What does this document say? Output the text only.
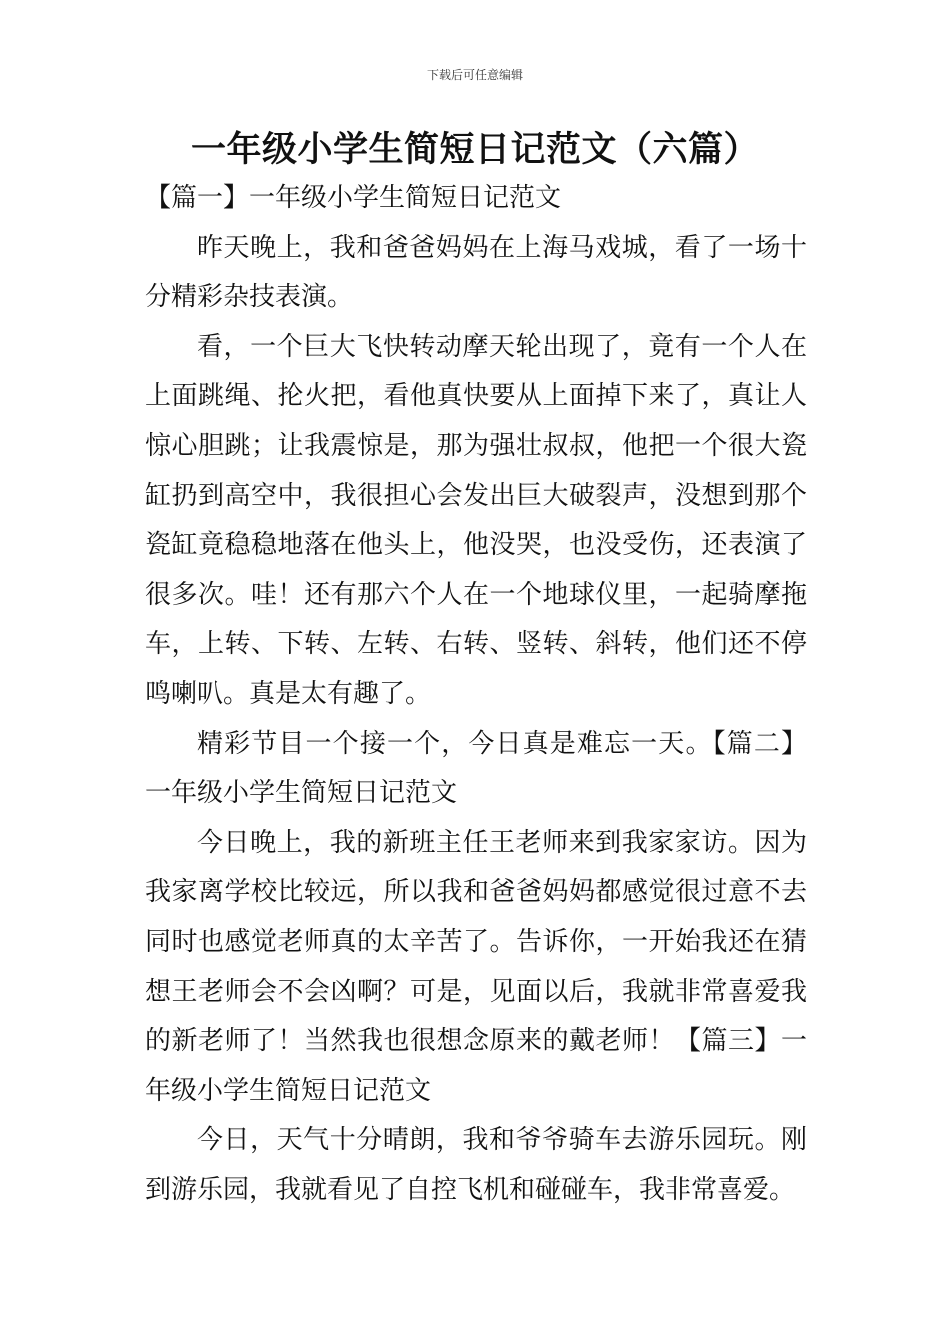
下载后可任意编辑
一年级小学生简短日记范文（六篇）

【篇一】一年级小学生简短日记范文

昨天晚上，我和爸爸妈妈在上海马戏城，看了一场十分精彩杂技表演。

看，一个巨大飞快转动摩天轮出现了，竟有一个人在上面跳绳、抡火把，看他真快要从上面掉下来了，真让人惊心胆跳；让我震惊是，那为强壮叔叔，他把一个很大瓷缸扔到高空中，我很担心会发出巨大破裂声，没想到那个瓷缸竟稳稳地落在他头上，他没哭，也没受伤，还表演了很多次。哇！还有那六个人在一个地球仪里，一起骑摩拖车，上转、下转、左转、右转、竖转、斜转，他们还不停鸣喇叭。真是太有趣了。

精彩节目一个接一个，今日真是难忘一天。【篇二】一年级小学生简短日记范文

今日晚上，我的新班主任王老师来到我家家访。因为我家离学校比较远，所以我和爸爸妈妈都感觉很过意不去同时也感觉老师真的太辛苦了。告诉你，一开始我还在猜想王老师会不会凶啊？可是，见面以后，我就非常喜爱我的新老师了！当然我也很想念原来的戴老师！【篇三】一年级小学生简短日记范文

今日，天气十分晴朗，我和爷爷骑车去游乐园玩。刚到游乐园，我就看见了自控飞机和碰碰车，我非常喜爱。
